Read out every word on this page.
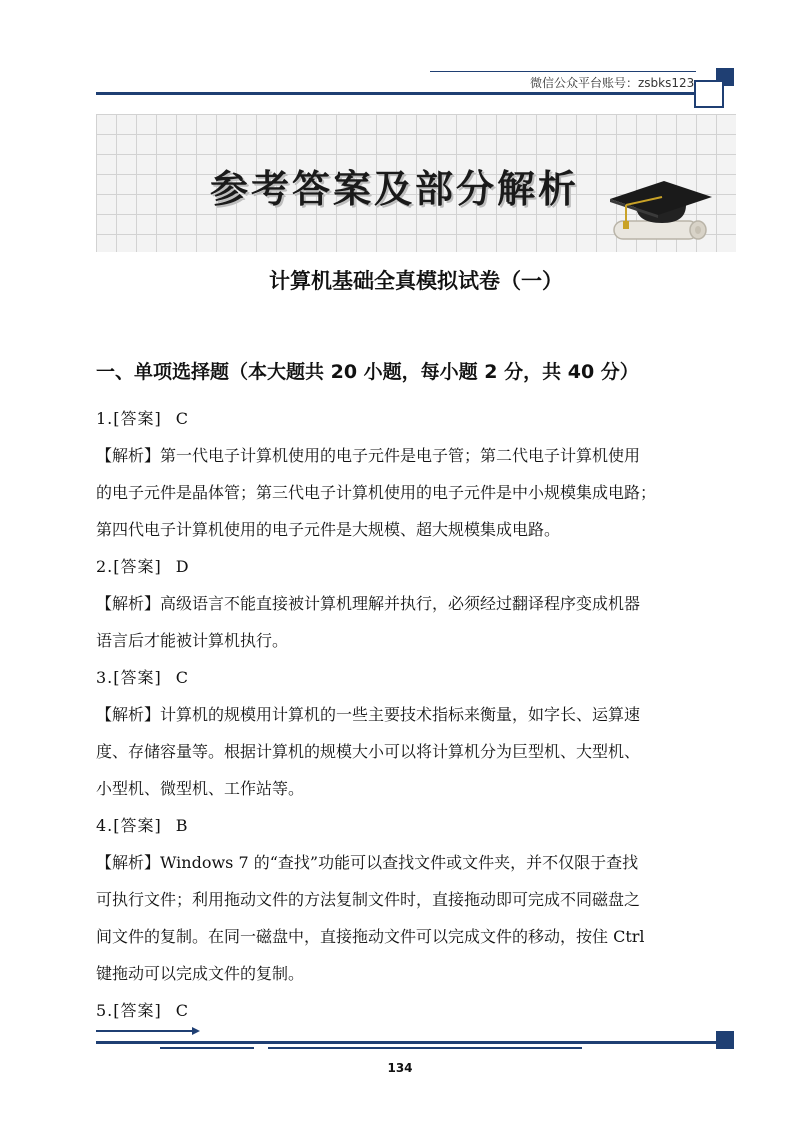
微信公众平台账号：zsbks123
参考答案及部分解析
计算机基础全真模拟试卷（一）
一、单项选择题（本大题共 20 小题，每小题 2 分，共 40 分）
1.[答案] C
【解析】第一代电子计算机使用的电子元件是电子管；第二代电子计算机使用
的电子元件是晶体管；第三代电子计算机使用的电子元件是中小规模集成电路；
第四代电子计算机使用的电子元件是大规模、超大规模集成电路。
2.[答案] D
【解析】高级语言不能直接被计算机理解并执行，必须经过翻译程序变成机器
语言后才能被计算机执行。
3.[答案] C
【解析】计算机的规模用计算机的一些主要技术指标来衡量，如字长、运算速
度、存储容量等。根据计算机的规模大小可以将计算机分为巨型机、大型机、
小型机、微型机、工作站等。
4.[答案] B
【解析】Windows 7 的“查找”功能可以查找文件或文件夹，并不仅限于查找
可执行文件；利用拖动文件的方法复制文件时，直接拖动即可完成不同磁盘之
间文件的复制。在同一磁盘中，直接拖动文件可以完成文件的移动，按住 Ctrl
键拖动可以完成文件的复制。
5.[答案] C
134
